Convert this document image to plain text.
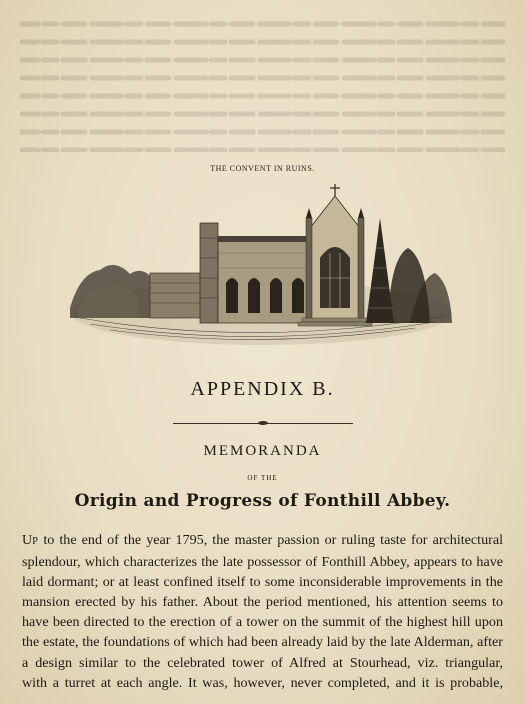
THE CONVENT IN RUINS.
APPENDIX B.
MEMORANDA
OF THE
Origin and Progress of Fonthill Abbey.
UP to the end of the year 1795, the master passion or ruling taste for architectural
splendour, which characterizes the late possessor of Fonthill Abbey, appears to have
laid dormant; or at least confined itself to some inconsiderable improvements in the
mansion erected by his father. About the period mentioned, his attention seems to
have been directed to the erection of a tower on the summit of the highest hill upon
the estate, the foundations of which had been already laid by the late Alderman, after
a design similar to the celebrated tower of Alfred at Stourhead, viz. triangular,
with a turret at each angle. It was, however, never completed, and it is probable,
